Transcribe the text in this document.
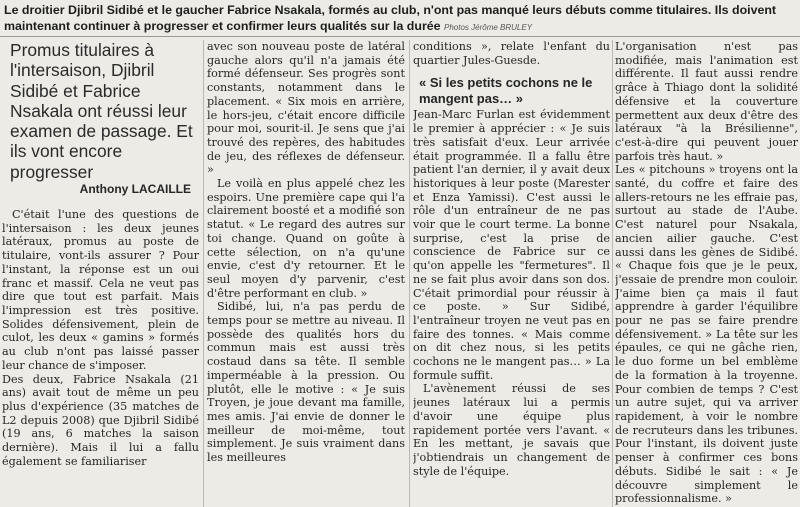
Le droitier Djibril Sidibé et le gaucher Fabrice Nsakala, formés au club, n'ont pas manqué leurs débuts comme titulaires. Ils doivent maintenant continuer à progresser et confirmer leurs qualités sur la durée Photos Jérôme BRULEY
Promus titulaires à l'intersaison, Djibril Sidibé et Fabrice Nsakala ont réussi leur examen de passage. Et ils vont encore progresser
Anthony LACAILLE

C'était l'une des questions de l'intersaison : les deux jeunes latéraux, promus au poste de titulaire, vont-ils assurer ? Pour l'instant, la réponse est un oui franc et massif. Cela ne veut pas dire que tout est parfait. Mais l'impression est très positive. Solides défensivement, plein de culot, les deux « gamins » formés au club n'ont pas laissé passer leur chance de s'imposer.

Des deux, Fabrice Nsakala (21 ans) avait tout de même un peu plus d'expérience (35 matches de L2 depuis 2008) que Djibril Sidibé (19 ans, 6 matches la saison dernière). Mais il lui a fallu également se familiariser

avec son nouveau poste de latéral gauche alors qu'il n'a jamais été formé défenseur. Ses progrès sont constants, notamment dans le placement. « Six mois en arrière, le hors-jeu, c'était encore difficile pour moi, sourit-il. Je sens que j'ai trouvé des repères, des habitudes de jeu, des réflexes de défenseur. »

Le voilà en plus appelé chez les espoirs. Une première cape qui l'a clairement boosté et a modifié son statut. « Le regard des autres sur toi change. Quand on goûte à cette sélection, on n'a qu'une envie, c'est d'y retourner. Et le seul moyen d'y parvenir, c'est d'être performant en club. »

Sidibé, lui, n'a pas perdu de temps pour se mettre au niveau. Il possède des qualités hors du commun mais est aussi très costaud dans sa tête. Il semble imperméable à la pression. Ou plutôt, elle le motive : « Je suis Troyen, je joue devant ma famille, mes amis. J'ai envie de donner le meilleur de moi-même, tout simplement. Je suis vraiment dans les meilleures

conditions », relate l'enfant du quartier Jules-Guesde.

« Si les petits cochons ne le mangent pas… »

Jean-Marc Furlan est évidemment le premier à apprécier : « Je suis très satisfait d'eux. Leur arrivée était programmée. Il a fallu être patient l'an dernier, il y avait deux historiques à leur poste (Marester et Enza Yamissi). C'est aussi le rôle d'un entraîneur de ne pas voir que le court terme. La bonne surprise, c'est la prise de conscience de Fabrice sur ce qu'on appelle les "fermetures". Il ne se fait plus avoir dans son dos. C'était primordial pour réussir à ce poste. » Sur Sidibé, l'entraîneur troyen ne veut pas en faire des tonnes. « Mais comme on dit chez nous, si les petits cochons ne le mangent pas… » La formule suffit.

L'avènement réussi de ses jeunes latéraux lui a permis d'avoir une équipe plus rapidement portée vers l'avant. « En les mettant, je savais que j'obtiendrais un changement de style de l'équipe.

L'organisation n'est pas modifiée, mais l'animation est différente. Il faut aussi rendre grâce à Thiago dont la solidité défensive et la couverture permettent aux deux d'être des latéraux "à la Brésilienne", c'est-à-dire qui peuvent jouer parfois très haut. »

Les « pitchouns » troyens ont la santé, du coffre et faire des allers-retours ne les effraie pas, surtout au stade de l'Aube. C'est naturel pour Nsakala, ancien ailier gauche. C'est aussi dans les gènes de Sidibé. « Chaque fois que je le peux, j'essaie de prendre mon couloir. J'aime bien ça mais il faut apprendre à garder l'équilibre pour ne pas se faire prendre défensivement. » La tête sur les épaules, ce qui ne gâche rien, le duo forme un bel emblème de la formation à la troyenne. Pour combien de temps ? C'est un autre sujet, qui va arriver rapidement, à voir le nombre de recruteurs dans les tribunes. Pour l'instant, ils doivent juste penser à confirmer ces bons débuts. Sidibé le sait : « Je découvre simplement le professionnalisme. »
